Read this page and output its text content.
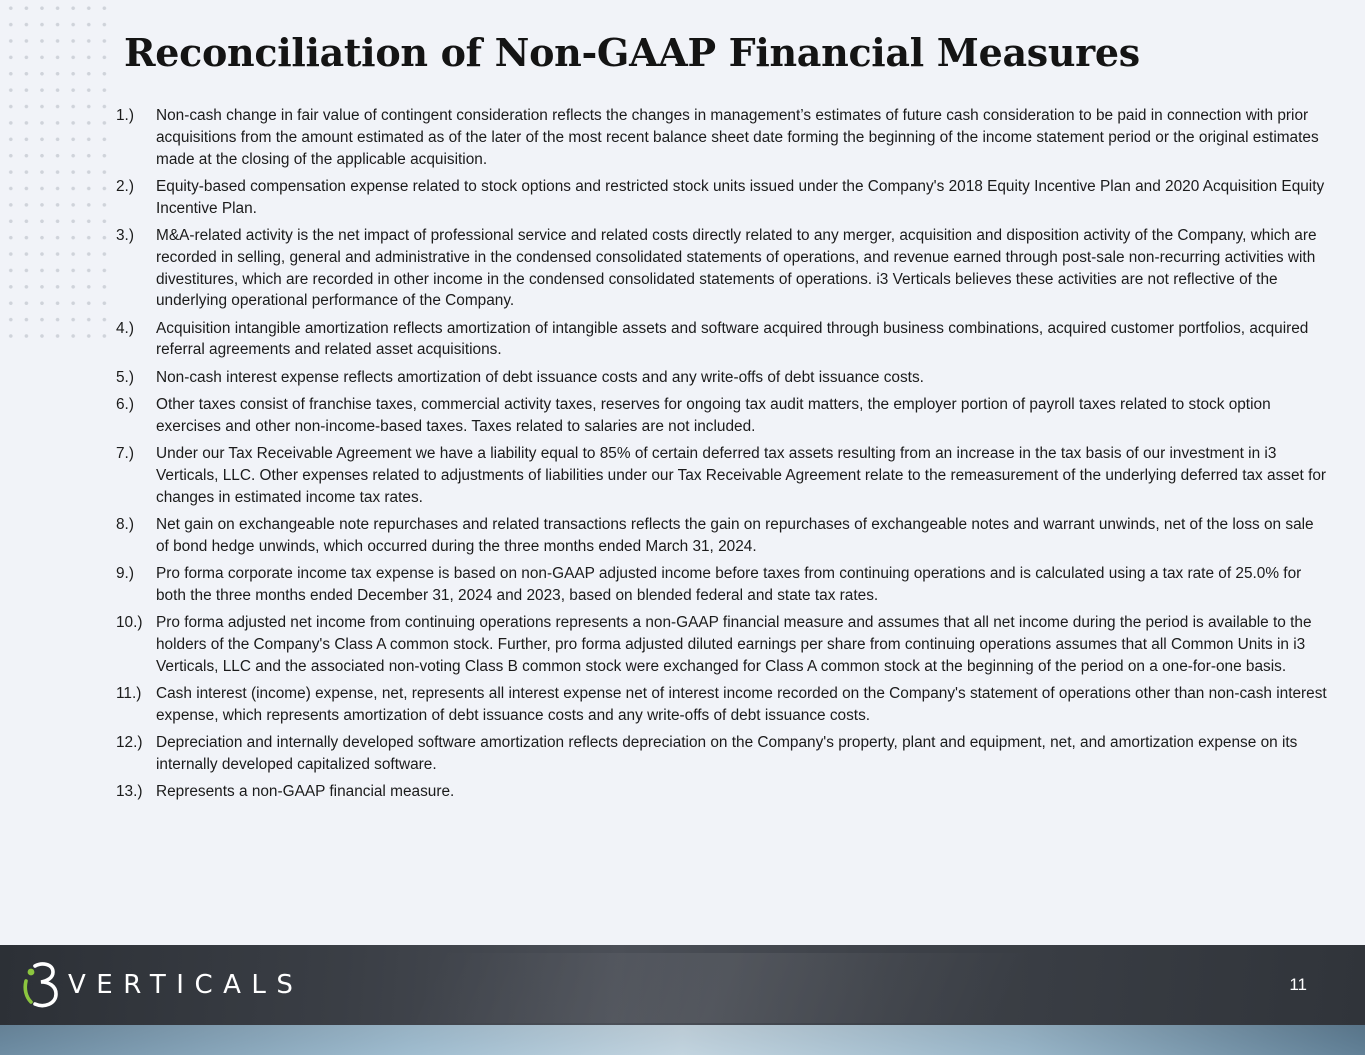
Reconciliation of Non-GAAP Financial Measures
1.)	Non-cash change in fair value of contingent consideration reflects the changes in management’s estimates of future cash consideration to be paid in connection with prior acquisitions from the amount estimated as of the later of the most recent balance sheet date forming the beginning of the income statement period or the original estimates made at the closing of the applicable acquisition.
2.)	Equity-based compensation expense related to stock options and restricted stock units issued under the Company's 2018 Equity Incentive Plan and 2020 Acquisition Equity Incentive Plan.
3.)	M&A-related activity is the net impact of professional service and related costs directly related to any merger, acquisition and disposition activity of the Company, which are recorded in selling, general and administrative in the condensed consolidated statements of operations, and revenue earned through post-sale non-recurring activities with divestitures, which are recorded in other income in the condensed consolidated statements of operations. i3 Verticals believes these activities are not reflective of the underlying operational performance of the Company.
4.)	Acquisition intangible amortization reflects amortization of intangible assets and software acquired through business combinations, acquired customer portfolios, acquired referral agreements and related asset acquisitions.
5.)	Non-cash interest expense reflects amortization of debt issuance costs and any write-offs of debt issuance costs.
6.)	Other taxes consist of franchise taxes, commercial activity taxes, reserves for ongoing tax audit matters, the employer portion of payroll taxes related to stock option exercises and other non-income-based taxes. Taxes related to salaries are not included.
7.)	Under our Tax Receivable Agreement we have a liability equal to 85% of certain deferred tax assets resulting from an increase in the tax basis of our investment in i3 Verticals, LLC. Other expenses related to adjustments of liabilities under our Tax Receivable Agreement relate to the remeasurement of the underlying deferred tax asset for changes in estimated income tax rates.
8.)	Net gain on exchangeable note repurchases and related transactions reflects the gain on repurchases of exchangeable notes and warrant unwinds, net of the loss on sale of bond hedge unwinds, which occurred during the three months ended March 31, 2024.
9.)	Pro forma corporate income tax expense is based on non-GAAP adjusted income before taxes from continuing operations and is calculated using a tax rate of 25.0% for both the three months ended December 31, 2024 and 2023, based on blended federal and state tax rates.
10.) Pro forma adjusted net income from continuing operations represents a non-GAAP financial measure and assumes that all net income during the period is available to the holders of the Company's Class A common stock. Further, pro forma adjusted diluted earnings per share from continuing operations assumes that all Common Units in i3 Verticals, LLC and the associated non-voting Class B common stock were exchanged for Class A common stock at the beginning of the period on a one-for-one basis.
11.) Cash interest (income) expense, net, represents all interest expense net of interest income recorded on the Company's statement of operations other than non-cash interest expense, which represents amortization of debt issuance costs and any write-offs of debt issuance costs.
12.) Depreciation and internally developed software amortization reflects depreciation on the Company's property, plant and equipment, net, and amortization expense on its internally developed capitalized software.
13.) Represents a non-GAAP financial measure.
VERTICALS	11
